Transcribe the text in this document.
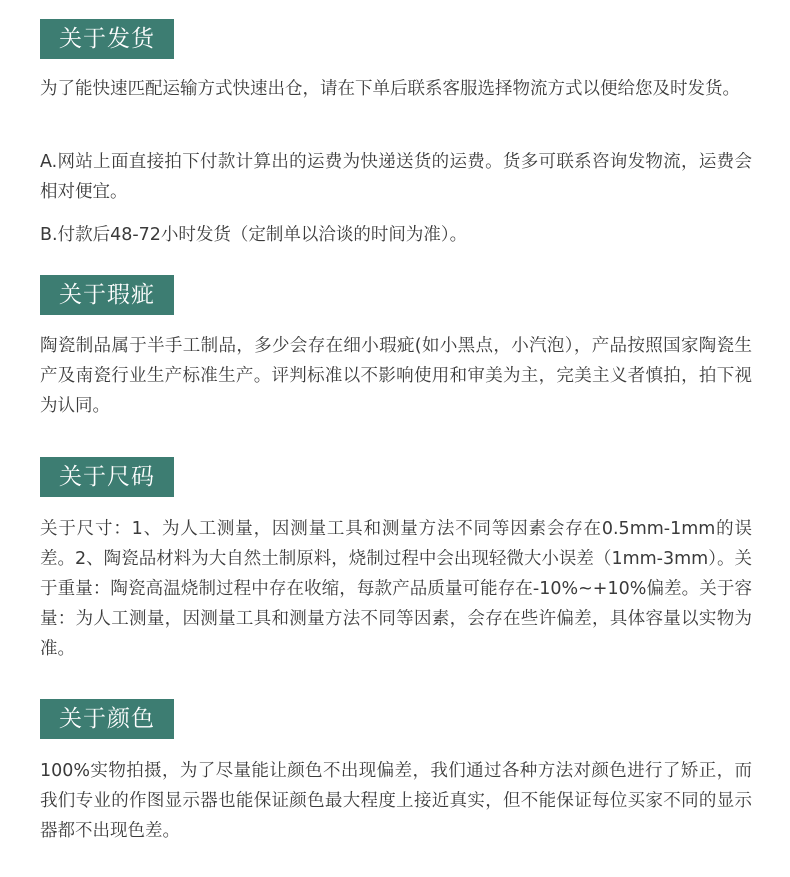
关于发货

为了能快速匹配运输方式快速出仓，请在下单后联系客服选择物流方式以便给您及时发货。

A.网站上面直接拍下付款计算出的运费为快递送货的运费。货多可联系咨询发物流，运费会相对便宜。

B.付款后48-72小时发货（定制单以洽谈的时间为准）。

关于瑕疵

陶瓷制品属于半手工制品，多少会存在细小瑕疵(如小黑点，小汽泡），产品按照国家陶瓷生产及南瓷行业生产标准生产。评判标准以不影响使用和审美为主，完美主义者慎拍，拍下视为认同。

关于尺码

关于尺寸：1、为人工测量，因测量工具和测量方法不同等因素会存在0.5mm-1mm的误差。2、陶瓷品材料为大自然土制原料，烧制过程中会出现轻微大小误差（1mm-3mm）。关于重量：陶瓷高温烧制过程中存在收缩，每款产品质量可能存在-10%~+10%偏差。关于容量：为人工测量，因测量工具和测量方法不同等因素，会存在些许偏差，具体容量以实物为准。

关于颜色

100%实物拍摄，为了尽量能让颜色不出现偏差，我们通过各种方法对颜色进行了矫正，而我们专业的作图显示器也能保证颜色最大程度上接近真实，但不能保证每位买家不同的显示器都不出现色差。
